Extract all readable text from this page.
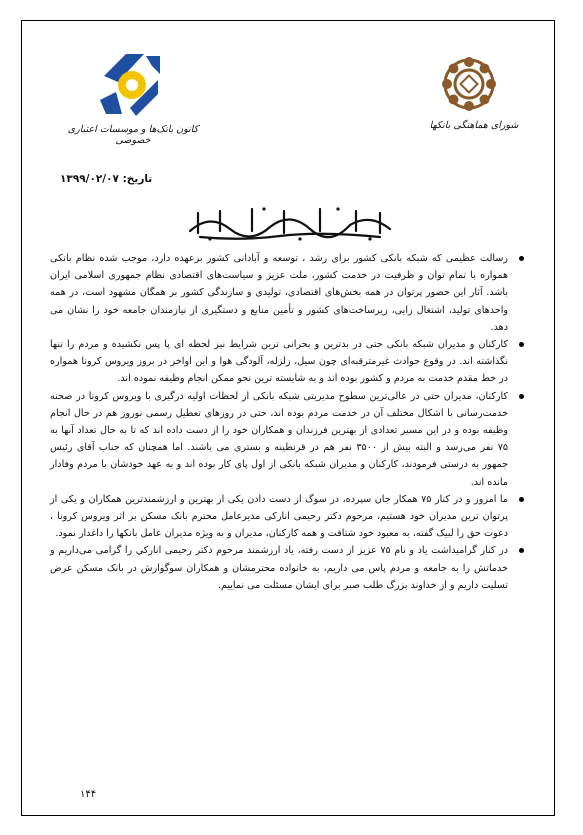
کانون بانک‌ها و موسسات اعتباری خصوصی
شورای هماهنگی بانکها
تاریخ: ۱۳۹۹/۰۲/۰۷
رسالت عظیمی که شبکه بانکی کشور برای رشد ، توسعه و آبادانی کشور برعهده دارد، موجب شده نظام بانکی همواره با تمام توان و ظرفیت در خدمت کشور، ملت عزیز و سیاست‌های اقتصادی نظام جمهوری اسلامی ایران باشد. آثار این حضور پرتوان در همه بخش‌های اقتصادی، تولیدی و سازندگی کشور بر همگان مشهود است، در همه واحدهای تولید، اشتغال زایی، زیرساخت‌های کشور و تأمین منابع و دستگیری از نیازمندان جامعه خود را نشان می دهد.
کارکنان و مدیران شبکه بانکی حتی در بدترین و بحرانی ترین شرایط نیز لحظه ای پا پس نکشیده و مردم را تنها نگذاشته اند. در وقوع حوادث غیرمترقبه‌ای چون سیل، زلزله، آلودگی هوا و این اواخر در بروز ویروس کرونا همواره در خط مقدم خدمت به مردم و کشور بوده اند و به شایسته ترین نحو ممکن انجام وظیفه نموده اند.
کارکنان، مدیران حتی در عالی‌ترین سطوح مدیریتی شبکه بانکی از لحظات اولیه درگیری با ویروس کرونا در صحنه خدمت‌رسانی با اشکال مختلف آن در خدمت مردم بوده اند، حتی در روزهای تعطیل رسمی نوروز هم در حال انجام وظیفه بوده و در این مسیر تعدادی از بهترین فرزندان و همکاران خود را از دست داده اند که تا به حال تعداد آنها به ۷۵ نفر می‌رسد و البته بیش از ۳۵۰۰ نفر هم در قرنطینه و بستری می باشند. اما همچنان که جناب آقای رئیس جمهور به درستی فرمودند، کارکنان و مدیران شبکه بانکی از اول پای کار بوده اند و به عهد خودشان با مردم وفادار مانده اند.
ما امروز و در کنار ۷۵ همکار جان سپرده، در سوگ از دست دادن یکی از بهترین و ارزشمندترین همکاران و یکی از پرتوان ترین مدیران خود هستیم، مرحوم دکتر رحیمی انارکی مدیرعامل محترم بانک مسکن بر اثر ویروس کرونا ، دعوت حق را لبیک گفته، به معبود خود شتافت و همه کارکنان، مدیران و به ویژه مدیران عامل بانکها را داغدار نمود.
در کنار گرامیداشت یاد و نام ۷۵ عزیز از دست رفته، یاد ارزشمند مرحوم دکتر رحیمی اناركي را گرامی می‌داریم و خدماتش را به جامعه و مردم پاس می داریم، به خانواده محترمشان و همکاران سوگوارش در بانک مسکن عرض تسلیت داریم و از خداوند بزرگ طلب صبر برای ایشان مسئلت می نماییم.
۱۴۴
